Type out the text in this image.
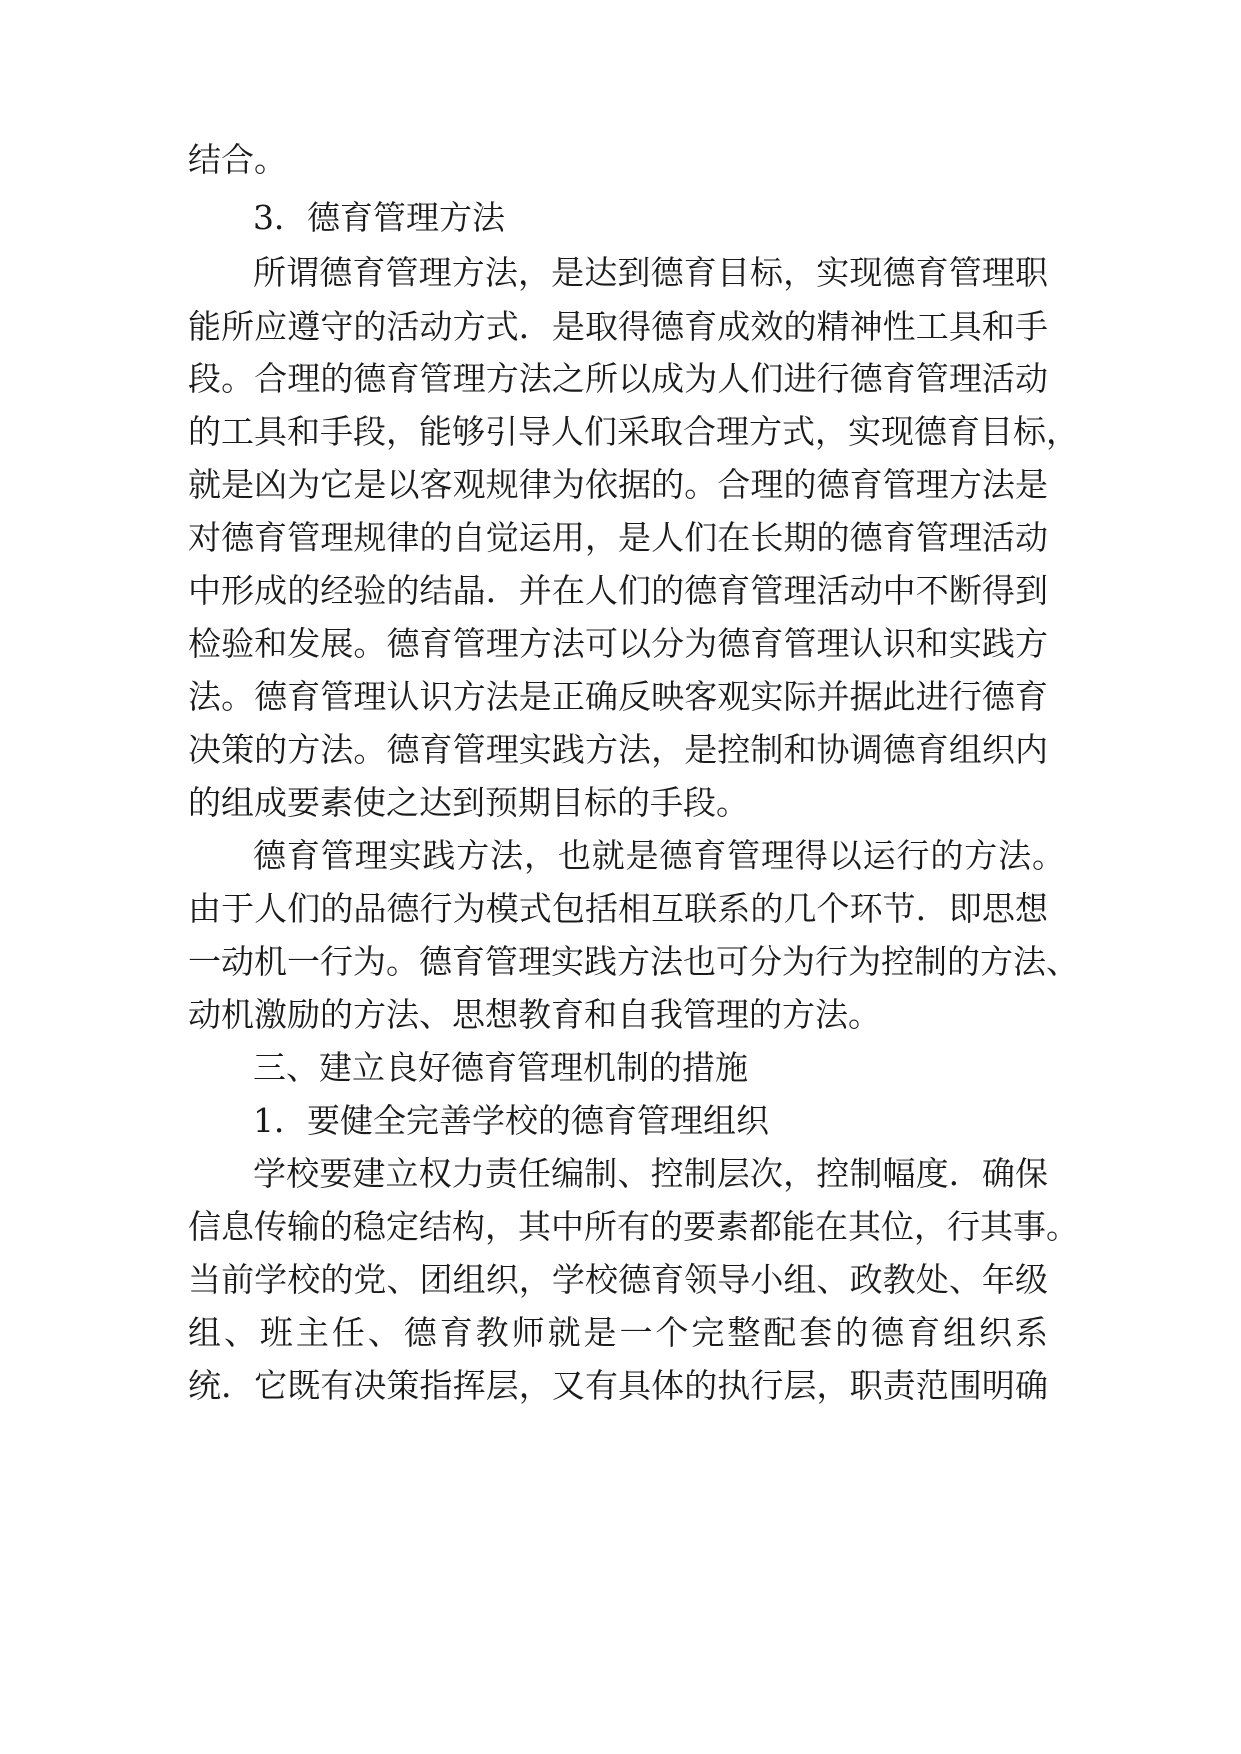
结合。
3．德育管理方法
所谓德育管理方法，是达到德育目标，实现德育管理职
能所应遵守的活动方式．是取得德育成效的精神性工具和手
段。合理的德育管理方法之所以成为人们进行德育管理活动
的工具和手段，能够引导人们采取合理方式，实现德育目标，
就是凶为它是以客观规律为依据的。合理的德育管理方法是
对德育管理规律的自觉运用，是人们在长期的德育管理活动
中形成的经验的结晶．并在人们的德育管理活动中不断得到
检验和发展。德育管理方法可以分为德育管理认识和实践方
法。德育管理认识方法是正确反映客观实际并据此进行德育
决策的方法。德育管理实践方法，是控制和协调德育组织内
的组成要素使之达到预期目标的手段。
德育管理实践方法，也就是德育管理得以运行的方法。
由于人们的品德行为模式包括相互联系的几个环节．即思想
一动机一行为。德育管理实践方法也可分为行为控制的方法、
动机激励的方法、思想教育和自我管理的方法。
三、建立良好德育管理机制的措施
1．要健全完善学校的德育管理组织
学校要建立权力责任编制、控制层次，控制幅度．确保
信息传输的稳定结构，其中所有的要素都能在其位，行其事。
当前学校的党、团组织，学校德育领导小组、政教处、年级
组、班主任、德育教师就是一个完整配套的德育组织系
统．它既有决策指挥层，又有具体的执行层，职责范围明确
